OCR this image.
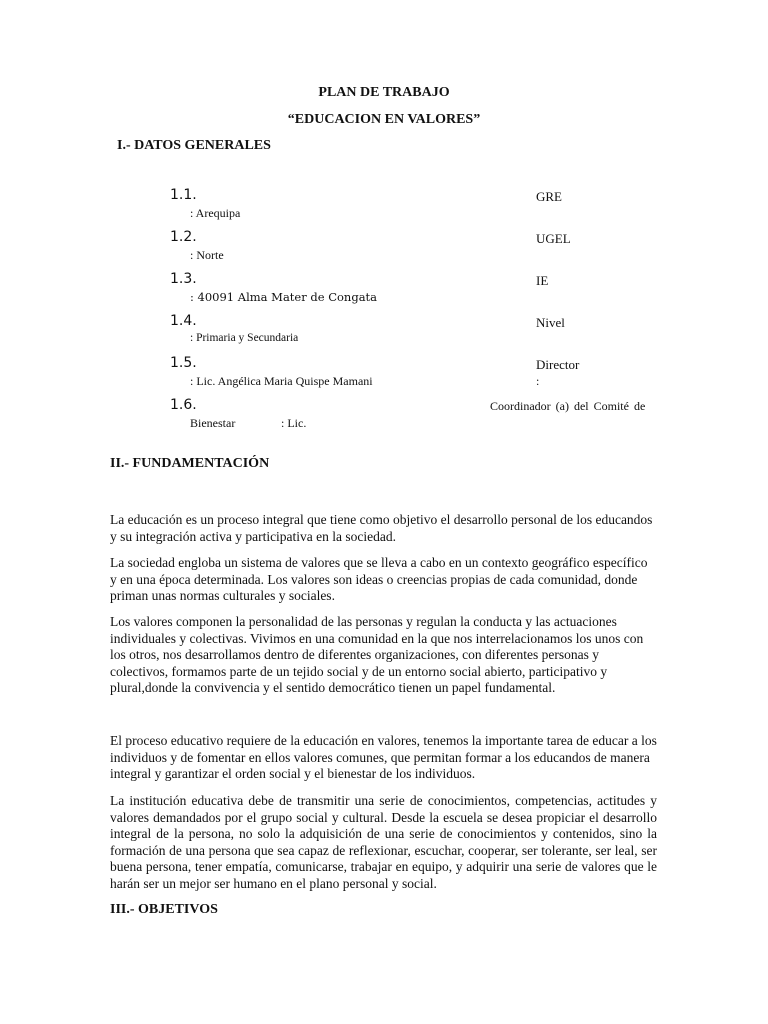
PLAN DE TRABAJO
“EDUCACION EN VALORES”
I.- DATOS GENERALES
1.1.	GRE
: Arequipa
1.2.	UGEL
: Norte
1.3.	IE
: 40091 Alma Mater de Congata
1.4.	Nivel
: Primaria y Secundaria
1.5.	Director
: Lic. Angélica Maria Quispe Mamani	:
1.6.	Coordinador (a) del Comité de
Bienestar	: Lic.
II.- FUNDAMENTACIÓN

La educación es un proceso integral que tiene como objetivo el desarrollo personal de los educandos y su integración activa y participativa en la sociedad.

La sociedad engloba un sistema de valores que se lleva a cabo en un contexto geográfico específico y en una época determinada. Los valores son ideas o creencias propias de cada comunidad, donde priman unas normas culturales y sociales.

Los valores componen la personalidad de las personas y regulan la conducta y las actuaciones individuales y colectivas. Vivimos en una comunidad en la que nos interrelacionamos los unos con los otros, nos desarrollamos dentro de diferentes organizaciones, con diferentes personas y colectivos, formamos parte de un tejido social y de un entorno social abierto, participativo y plural,donde la convivencia y el sentido democrático tienen un papel fundamental.

El proceso educativo requiere de la educación en valores, tenemos la importante tarea de educar a los individuos y de fomentar en ellos valores comunes, que permitan formar a los educandos de manera integral y garantizar el orden social y el bienestar de los individuos.

La institución educativa debe de transmitir una serie de conocimientos, competencias, actitudes y valores demandados por el grupo social y cultural. Desde la escuela se desea propiciar el desarrollo integral de la persona, no solo la adquisición de una serie de conocimientos y contenidos, sino la formación de una persona que sea capaz de reflexionar, escuchar, cooperar, ser tolerante, ser leal, ser buena persona, tener empatía, comunicarse, trabajar en equipo, y adquirir una serie de valores que le harán ser un mejor ser humano en el plano personal y social.

III.- OBJETIVOS
